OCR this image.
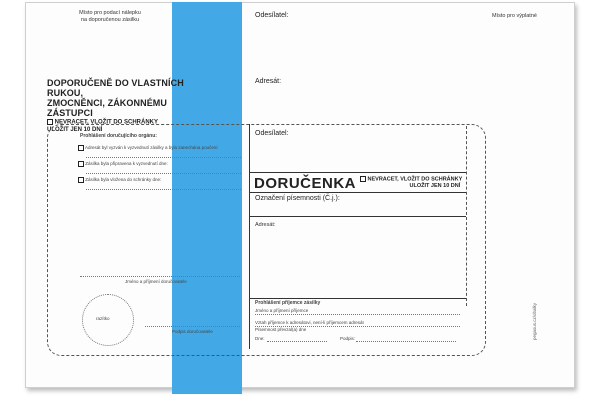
Místo pro podací nálepku
na doporučenou zásilku
Odesílatel:	Místo pro výplatné
Adresát:
DOPORUČENĚ DO VLASTNÍCH RUKOU,
ZMOCNĚNCI, ZÁKONNÉMU ZÁSTUPCI
NEVRACET, VLOŽIT DO SCHRÁNKY
ULOŽIT JEN 10 DNÍ
Prohlášení doručujícího orgánu:
Adresát byl vyzván k vyzvednutí zásilky a byla zanechána poučení
Zásilka byla připravena k vyzvednutí dne:
Zásilka byla vložena do schránky dne:
Jméno a příjmení doručovatele
razítko
Podpis doručovatele
Odesílatel:
DORUČENKA	NEVRACET, VLOŽIT DO SCHRÁNKY
ULOŽIT JEN 10 DNÍ
Označení písemnosti (Č.j.):
Adresát:
Prohlášení příjemce zásilky
Jméno a příjmení příjemce
Vztah příjemce k adresátovi, není-li příjemcem adresát
Písemnost převzal(a) dne
Dne:	Podpis:	pegasus.cz/obalky
